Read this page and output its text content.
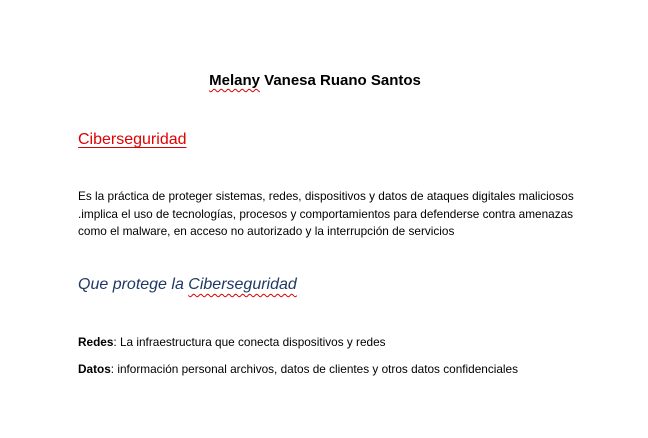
Melany Vanesa Ruano Santos
Ciberseguridad
Es la práctica de proteger sistemas, redes, dispositivos y datos de ataques digitales maliciosos
.implica el uso de tecnologías, procesos y comportamientos para defenderse contra amenazas
como el malware, en acceso no autorizado y la interrupción de servicios
Que protege la Ciberseguridad
Redes: La infraestructura que conecta dispositivos y redes
Datos: información personal archivos, datos de clientes y otros datos confidenciales
